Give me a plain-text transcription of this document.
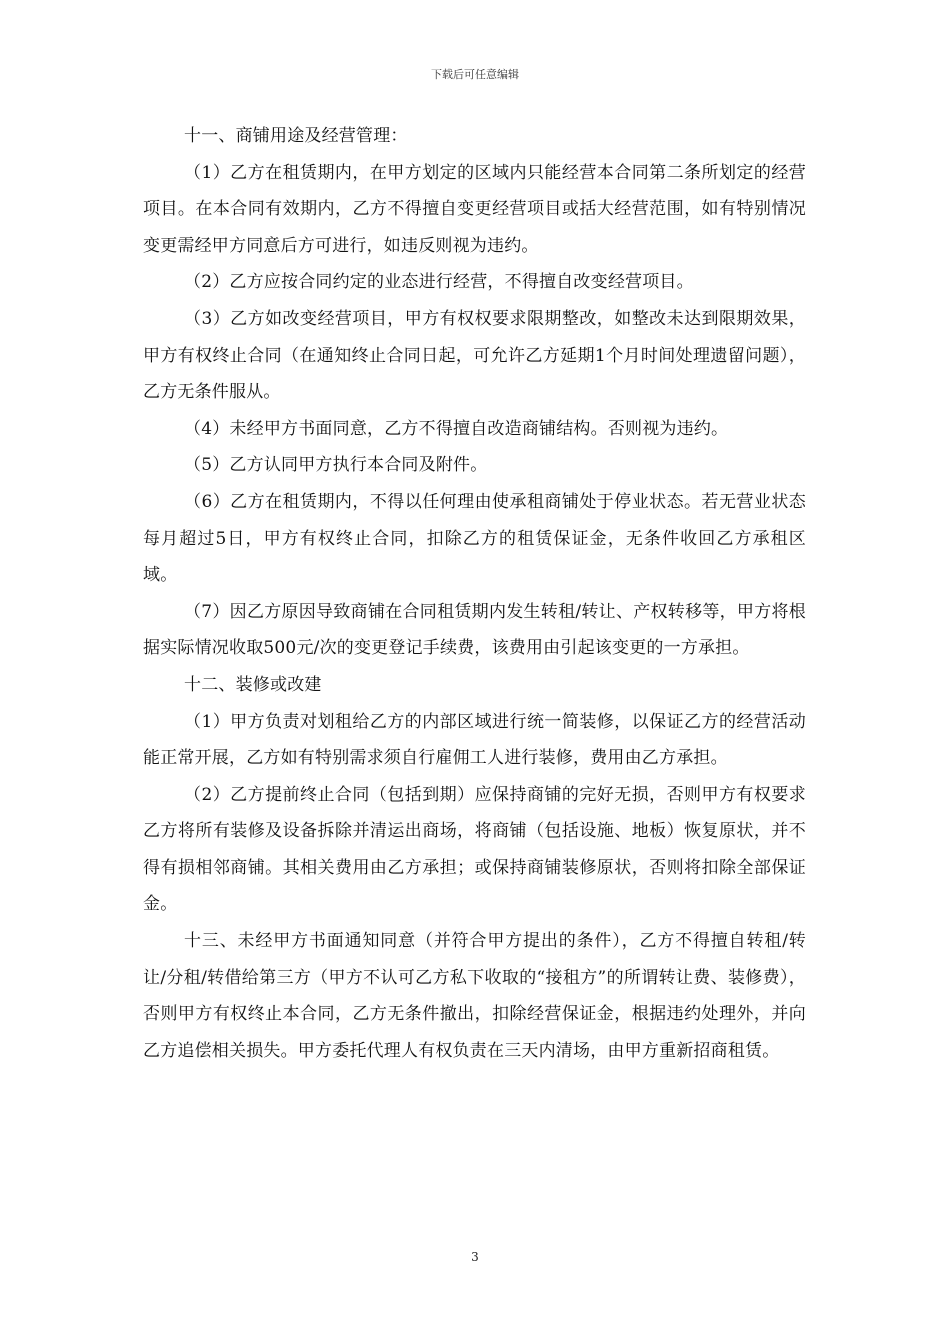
下载后可任意编辑

十一、商铺用途及经营管理：

（1）乙方在租赁期内，在甲方划定的区域内只能经营本合同第二条所划定的经营项目。在本合同有效期内，乙方不得擅自变更经营项目或括大经营范围，如有特别情况变更需经甲方同意后方可进行，如违反则视为违约。

（2）乙方应按合同约定的业态进行经营，不得擅自改变经营项目。

（3）乙方如改变经营项目，甲方有权权要求限期整改，如整改未达到限期效果，甲方有权终止合同（在通知终止合同日起，可允许乙方延期1个月时间处理遗留问题），乙方无条件服从。

（4）未经甲方书面同意，乙方不得擅自改造商铺结构。否则视为违约。

（5）乙方认同甲方执行本合同及附件。

（6）乙方在租赁期内，不得以任何理由使承租商铺处于停业状态。若无营业状态每月超过5日，甲方有权终止合同，扣除乙方的租赁保证金，无条件收回乙方承租区域。

（7）因乙方原因导致商铺在合同租赁期内发生转租/转让、产权转移等，甲方将根据实际情况收取500元/次的变更登记手续费，该费用由引起该变更的一方承担。

十二、装修或改建

（1）甲方负责对划租给乙方的内部区域进行统一简装修，以保证乙方的经营活动能正常开展，乙方如有特别需求须自行雇佣工人进行装修，费用由乙方承担。

（2）乙方提前终止合同（包括到期）应保持商铺的完好无损，否则甲方有权要求乙方将所有装修及设备拆除并清运出商场，将商铺（包括设施、地板）恢复原状，并不得有损相邻商铺。其相关费用由乙方承担；或保持商铺装修原状，否则将扣除全部保证金。

十三、未经甲方书面通知同意（并符合甲方提出的条件），乙方不得擅自转租/转让/分租/转借给第三方（甲方不认可乙方私下收取的“接租方”的所谓转让费、装修费），否则甲方有权终止本合同，乙方无条件撤出，扣除经营保证金，根据违约处理外，并向乙方追偿相关损失。甲方委托代理人有权负责在三天内清场，由甲方重新招商租赁。

3
